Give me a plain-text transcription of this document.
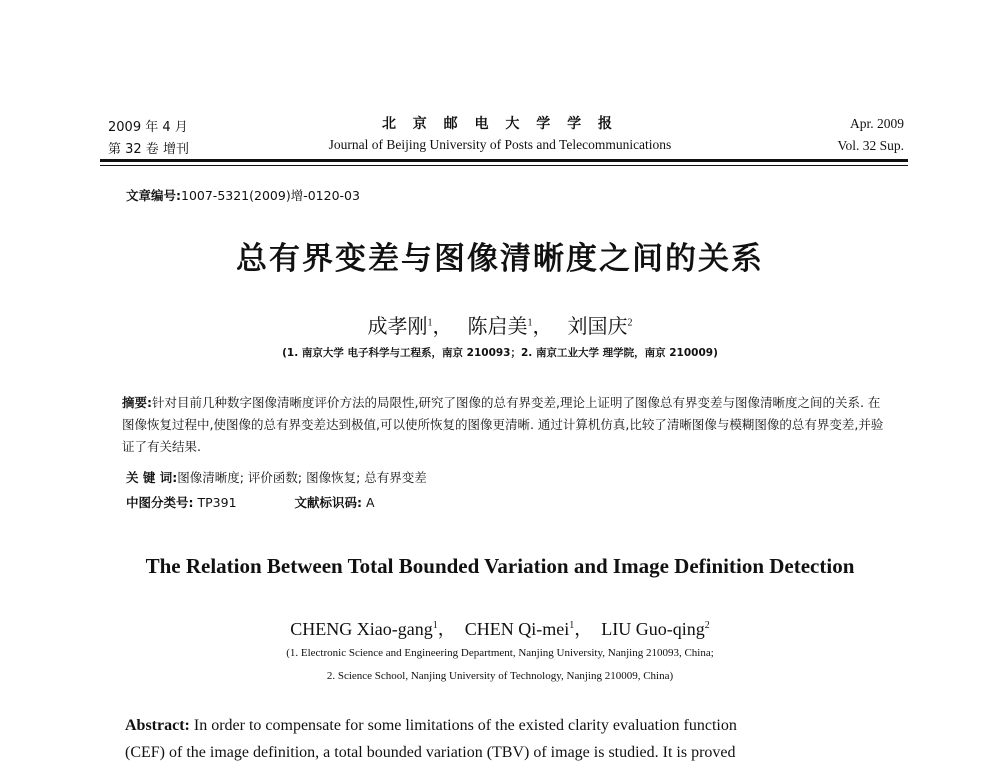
2009 年 4 月
第 32 卷 增刊
北 京 邮 电 大 学 学 报
Journal of Beijing University of Posts and Telecommunications
Apr. 2009
Vol. 32 Sup.
文章编号:1007-5321(2009)增-0120-03
总有界变差与图像清晰度之间的关系
成孝刚$^1$， 陈启美$^1$， 刘国庆$^2$
(1. 南京大学 电子科学与工程系，南京 210093；2. 南京工业大学 理学院，南京 210009)
摘要:针对目前几种数字图像清晰度评价方法的局限性,研究了图像的总有界变差,理论上证明了图像总有界变差与图像清晰度之间的关系. 在图像恢复过程中,使图像的总有界变差达到极值,可以使所恢复的图像更清晰. 通过计算机仿真,比较了清晰图像与模糊图像的总有界变差,并验证了有关结果.
关 键 词:图像清晰度; 评价函数; 图像恢复; 总有界变差
中图分类号: TP391	文献标识码: A
The Relation Between Total Bounded Variation and Image Definition Detection
CHENG Xiao-gang$^1$， CHEN Qi-mei$^1$， LIU Guo-qing$^2$
(1. Electronic Science and Engineering Department, Nanjing University, Nanjing 210093, China;
2. Science School, Nanjing University of Technology, Nanjing 210009, China)
Abstract: In order to compensate for some limitations of the existed clarity evaluation function
(CEF) of the image definition, a total bounded variation (TBV) of image is studied. It is proved
